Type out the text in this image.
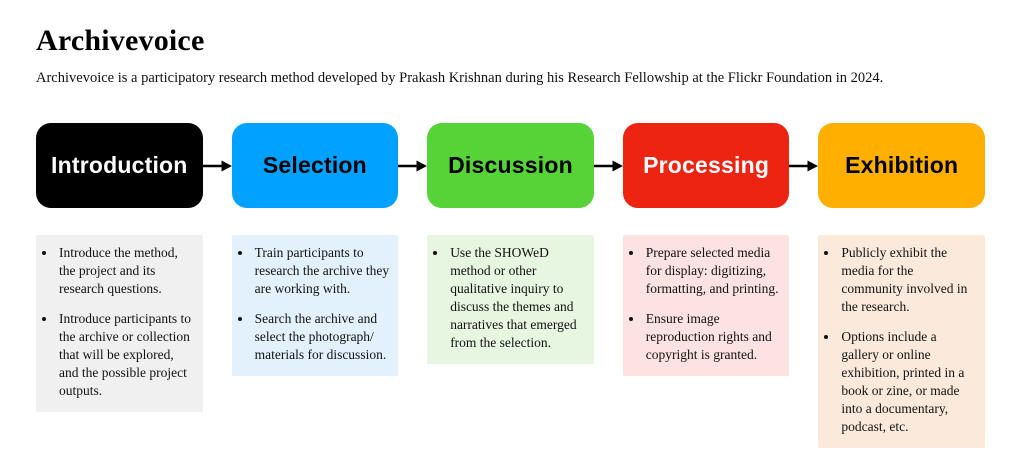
Archivevoice

Archivevoice is a participatory research method developed by Prakash Krishnan during his Research Fellowship at the Flickr Foundation in 2024.

Introduction	Selection	Discussion	Processing	Exhibition
• Introduce the method, the project and its research questions.
• Introduce participants to the archive or collection that will be explored, and the possible project outputs.
• Train participants to research the archive they are working with.
• Search the archive and select the photograph/ materials for discussion.
• Use the SHOWeD method or other qualitative inquiry to discuss the themes and narratives that emerged from the selection.
• Prepare selected media for display: digitizing, formatting, and printing.
• Ensure image reproduction rights and copyright is granted.
• Publicly exhibit the media for the community involved in the research.
• Options include a gallery or online exhibition, printed in a book or zine, or made into a documentary, podcast, etc.
